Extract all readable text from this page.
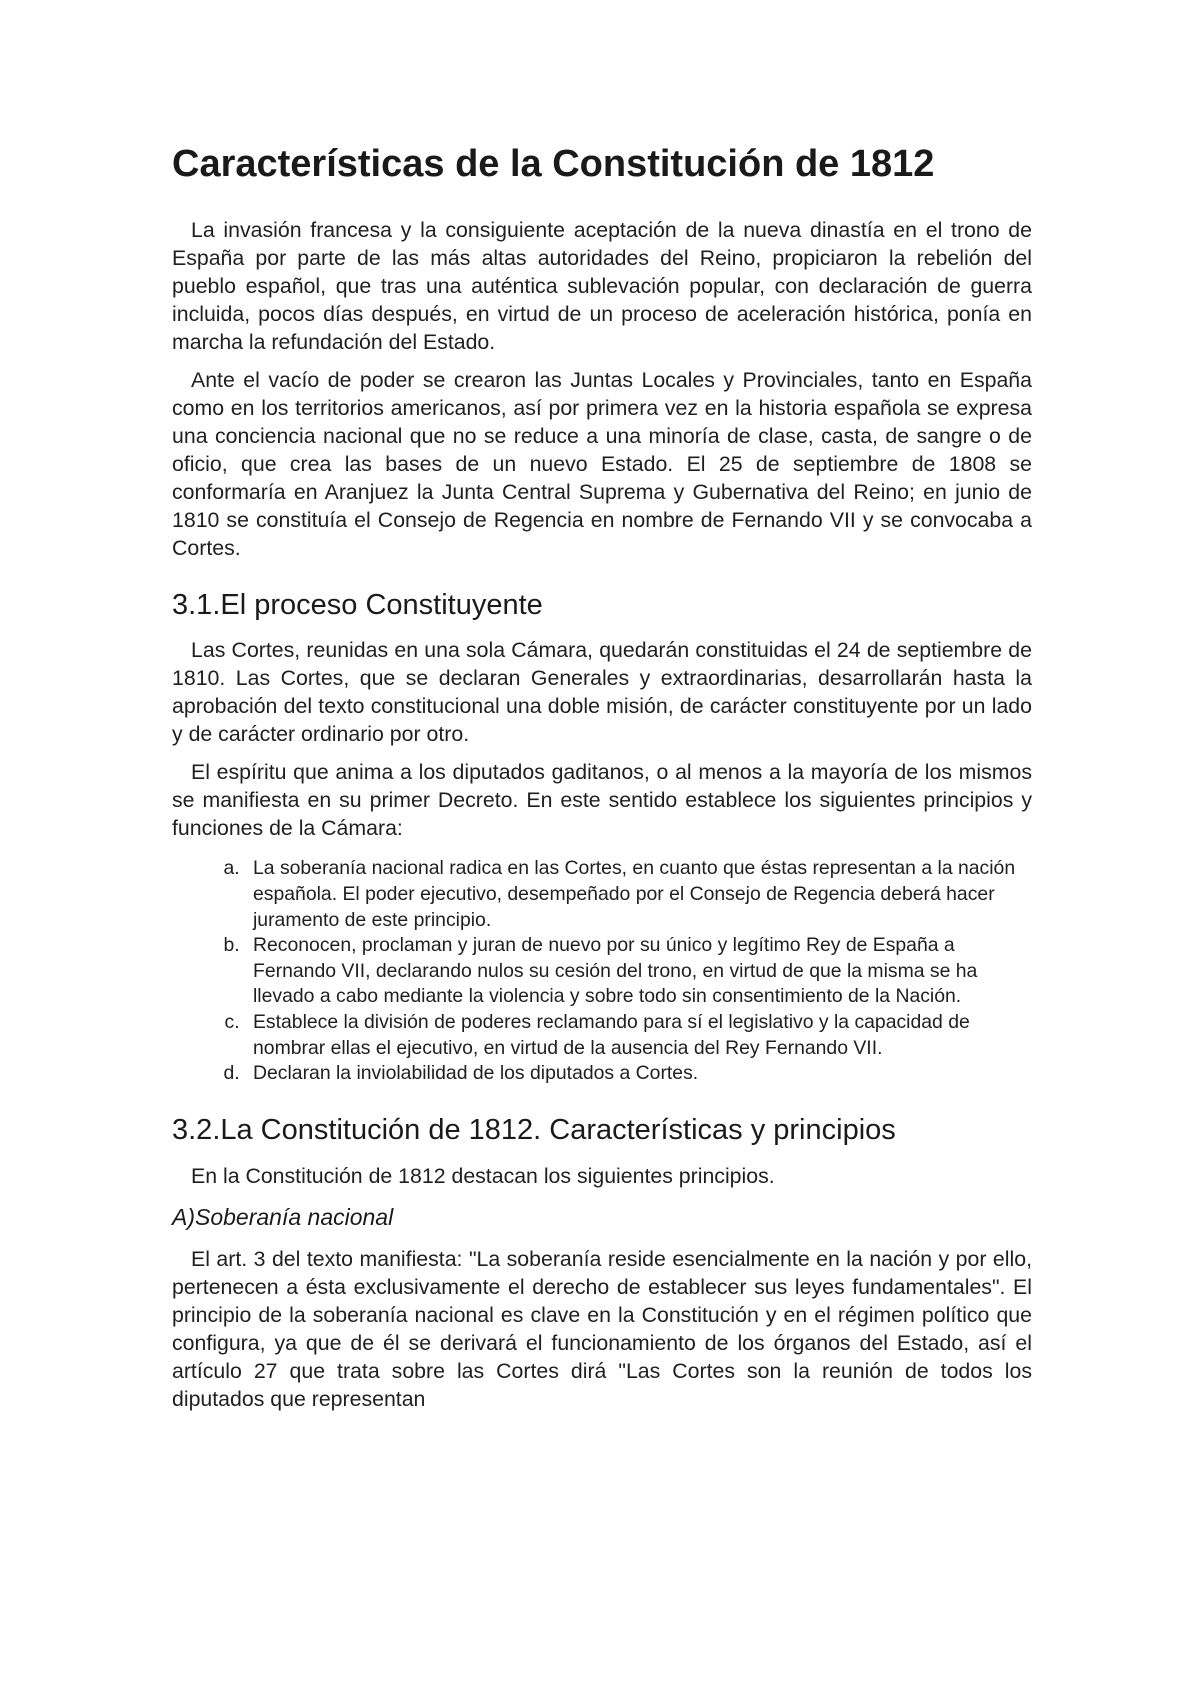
Características de la Constitución de 1812

La invasión francesa y la consiguiente aceptación de la nueva dinastía en el trono de España por parte de las más altas autoridades del Reino, propiciaron la rebelión del pueblo español, que tras una auténtica sublevación popular, con declaración de guerra incluida, pocos días después, en virtud de un proceso de aceleración histórica, ponía en marcha la refundación del Estado.

Ante el vacío de poder se crearon las Juntas Locales y Provinciales, tanto en España como en los territorios americanos, así por primera vez en la historia española se expresa una conciencia nacional que no se reduce a una minoría de clase, casta, de sangre o de oficio, que crea las bases de un nuevo Estado. El 25 de septiembre de 1808 se conformaría en Aranjuez la Junta Central Suprema y Gubernativa del Reino; en junio de 1810 se constituía el Consejo de Regencia en nombre de Fernando VII y se convocaba a Cortes.

3.1.El proceso Constituyente

Las Cortes, reunidas en una sola Cámara, quedarán constituidas el 24 de septiembre de 1810. Las Cortes, que se declaran Generales y extraordinarias, desarrollarán hasta la aprobación del texto constitucional una doble misión, de carácter constituyente por un lado y de carácter ordinario por otro.

El espíritu que anima a los diputados gaditanos, o al menos a la mayoría de los mismos se manifiesta en su primer Decreto. En este sentido establece los siguientes principios y funciones de la Cámara:

a. La soberanía nacional radica en las Cortes, en cuanto que éstas representan a la nación española. El poder ejecutivo, desempeñado por el Consejo de Regencia deberá hacer juramento de este principio.
b. Reconocen, proclaman y juran de nuevo por su único y legítimo Rey de España a Fernando VII, declarando nulos su cesión del trono, en virtud de que la misma se ha llevado a cabo mediante la violencia y sobre todo sin consentimiento de la Nación.
c. Establece la división de poderes reclamando para sí el legislativo y la capacidad de nombrar ellas el ejecutivo, en virtud de la ausencia del Rey Fernando VII.
d. Declaran la inviolabilidad de los diputados a Cortes.
3.2.La Constitución de 1812. Características y principios

En la Constitución de 1812 destacan los siguientes principios.

A)Soberanía nacional

El art. 3 del texto manifiesta: "La soberanía reside esencialmente en la nación y por ello, pertenecen a ésta exclusivamente el derecho de establecer sus leyes fundamentales". El principio de la soberanía nacional es clave en la Constitución y en el régimen político que configura, ya que de él se derivará el funcionamiento de los órganos del Estado, así el artículo 27 que trata sobre las Cortes dirá "Las Cortes son la reunión de todos los diputados que representan
